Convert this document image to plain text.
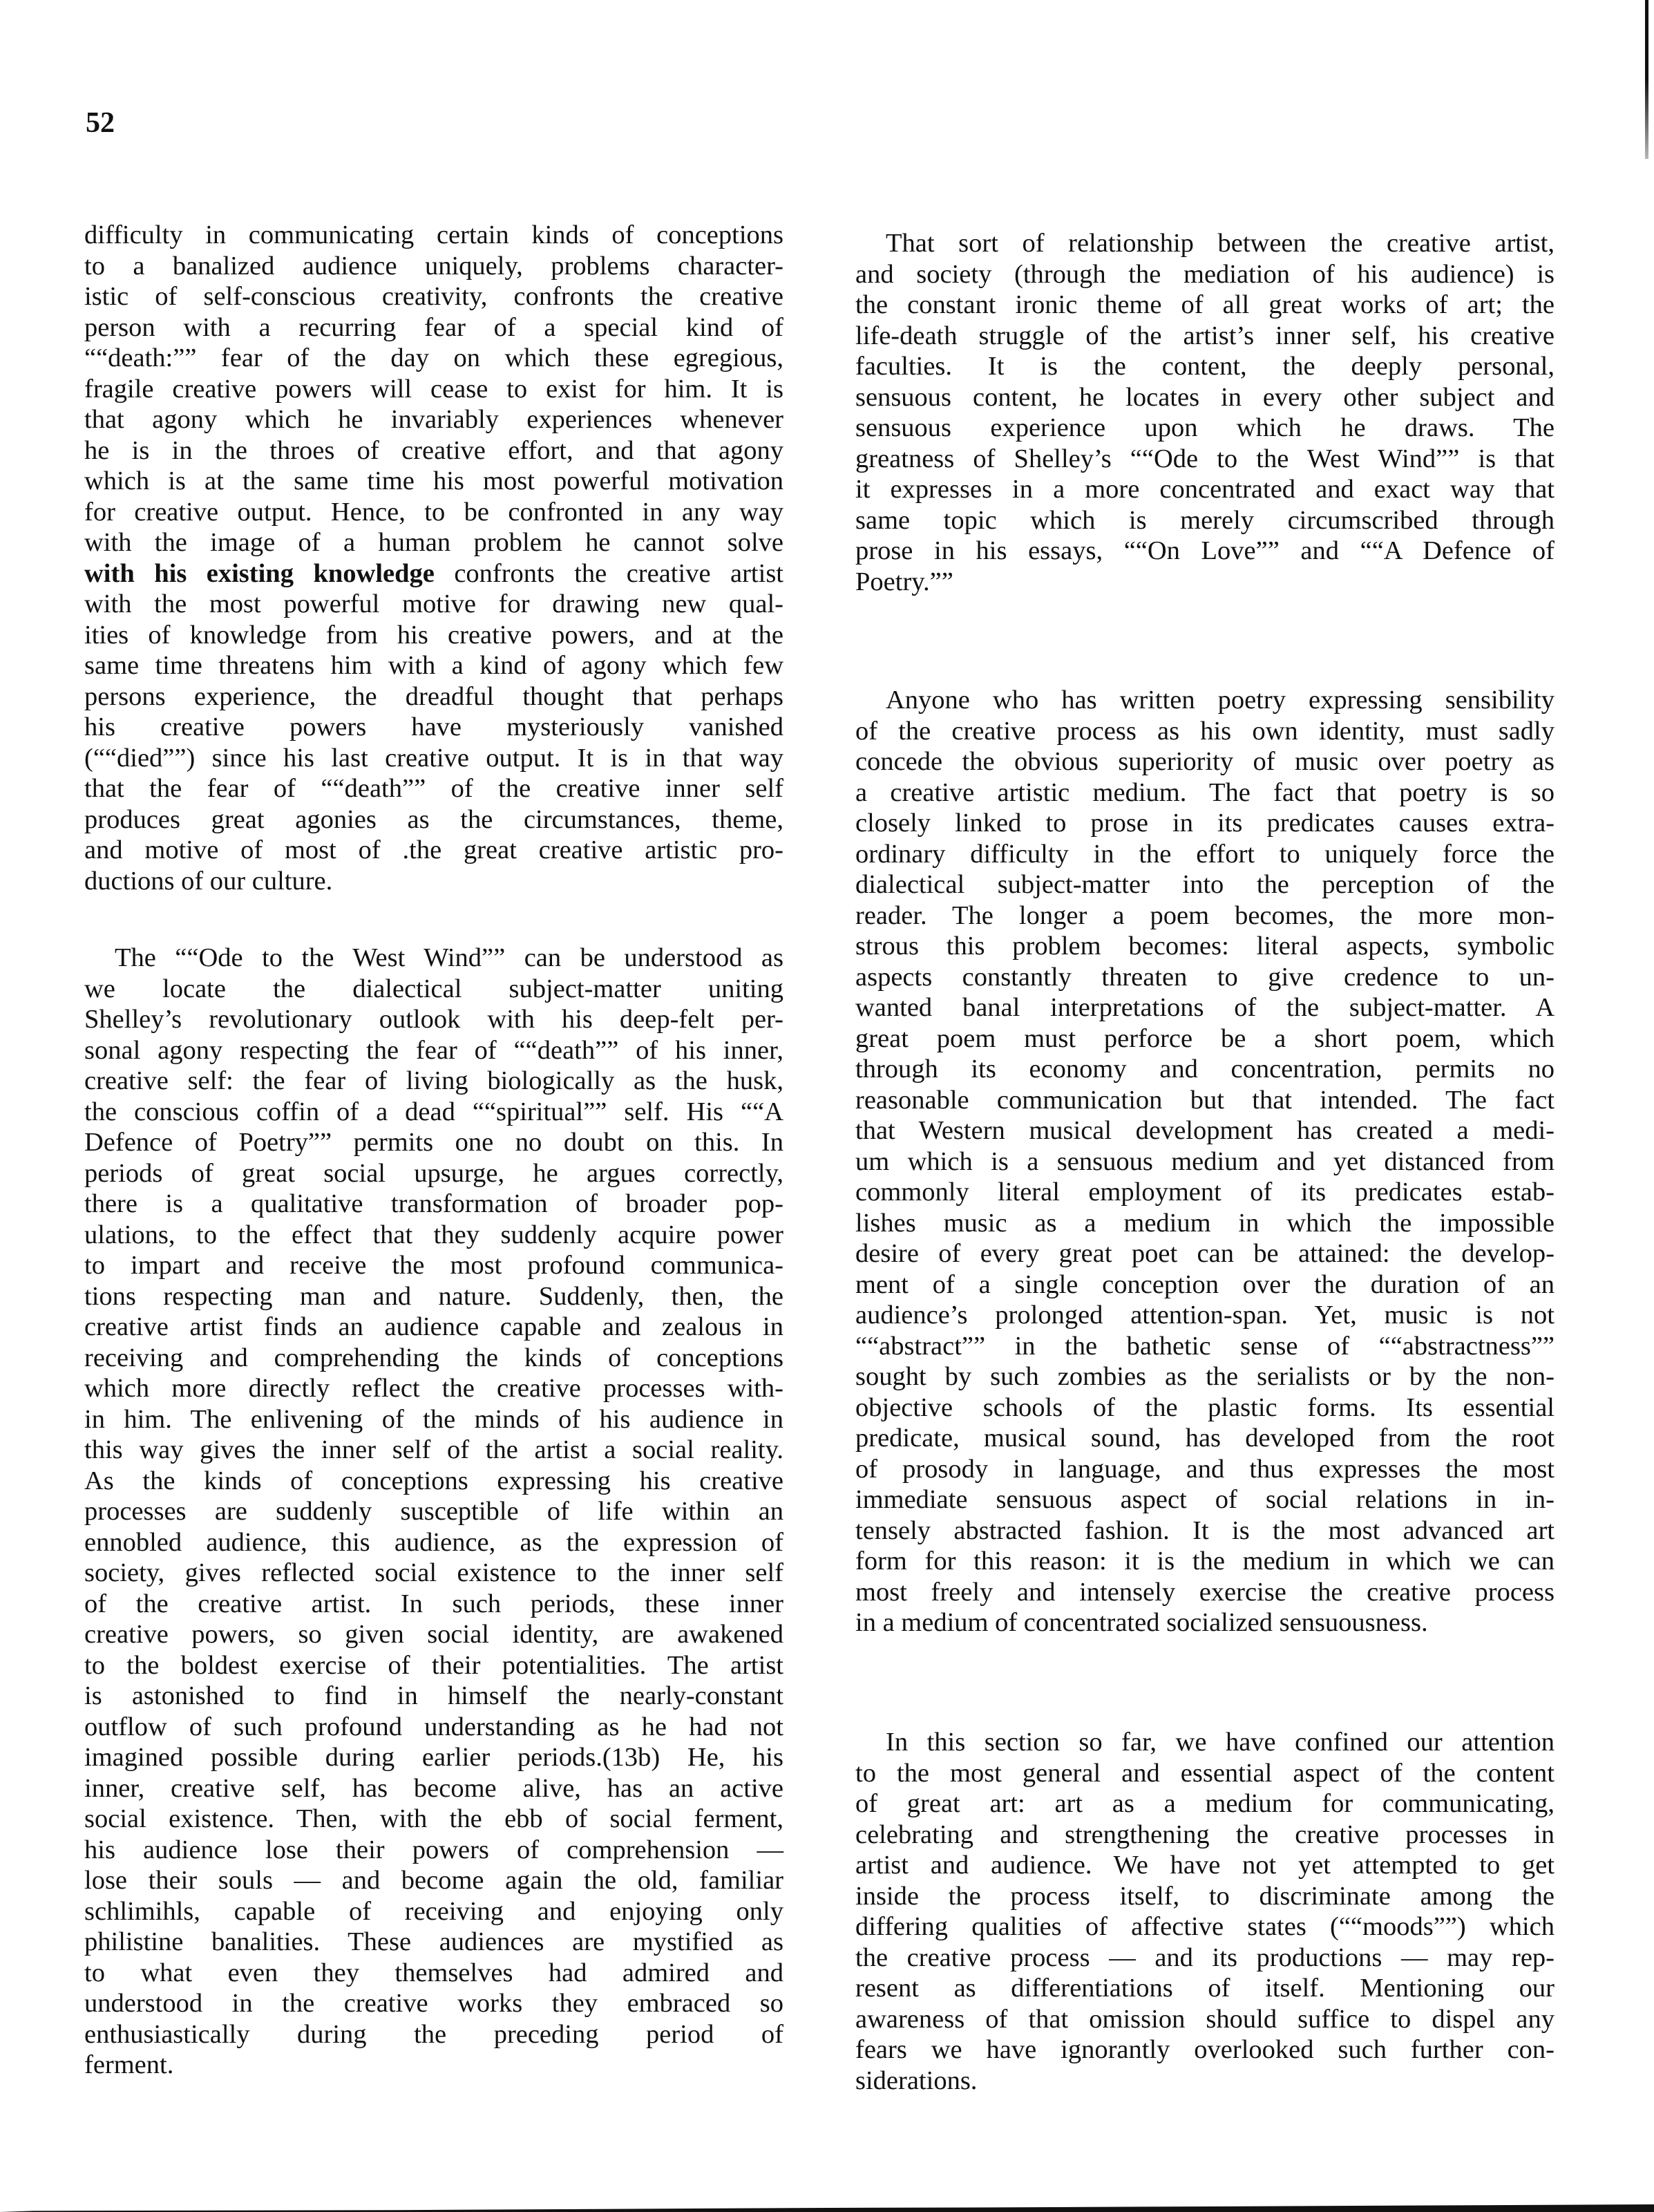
52
difficulty in communicating certain kinds of conceptions
to a banalized audience uniquely, problems character-
istic of self-conscious creativity, confronts the creative
person with a recurring fear of a special kind of
““death:”” fear of the day on which these egregious,
fragile creative powers will cease to exist for him. It is
that agony which he invariably experiences whenever
he is in the throes of creative effort, and that agony
which is at the same time his most powerful motivation
for creative output. Hence, to be confronted in any way
with the image of a human problem he cannot solve
with his existing knowledge confronts the creative artist
with the most powerful motive for drawing new qual-
ities of knowledge from his creative powers, and at the
same time threatens him with a kind of agony which few
persons experience, the dreadful thought that perhaps
his creative powers have mysteriously vanished
(““died””) since his last creative output. It is in that way
that the fear of ““death”” of the creative inner self
produces great agonies as the circumstances, theme,
and motive of most of .the great creative artistic pro-
ductions of our culture.
The ““Ode to the West Wind”” can be understood as
we locate the dialectical subject-matter uniting
Shelley’s revolutionary outlook with his deep-felt per-
sonal agony respecting the fear of ““death”” of his inner,
creative self: the fear of living biologically as the husk,
the conscious coffin of a dead ““spiritual”” self. His ““A
Defence of Poetry”” permits one no doubt on this. In
periods of great social upsurge, he argues correctly,
there is a qualitative transformation of broader pop-
ulations, to the effect that they suddenly acquire power
to impart and receive the most profound communica-
tions respecting man and nature. Suddenly, then, the
creative artist finds an audience capable and zealous in
receiving and comprehending the kinds of conceptions
which more directly reflect the creative processes with-
in him. The enlivening of the minds of his audience in
this way gives the inner self of the artist a social reality.
As the kinds of conceptions expressing his creative
processes are suddenly susceptible of life within an
ennobled audience, this audience, as the expression of
society, gives reflected social existence to the inner self
of the creative artist. In such periods, these inner
creative powers, so given social identity, are awakened
to the boldest exercise of their potentialities. The artist
is astonished to find in himself the nearly-constant
outflow of such profound understanding as he had not
imagined possible during earlier periods.(13b) He, his
inner, creative self, has become alive, has an active
social existence. Then, with the ebb of social ferment,
his audience lose their powers of comprehension —
lose their souls — and become again the old, familiar
schlimihls, capable of receiving and enjoying only
philistine banalities. These audiences are mystified as
to what even they themselves had admired and
understood in the creative works they embraced so
enthusiastically during the preceding period of
ferment.
That sort of relationship between the creative artist,
and society (through the mediation of his audience) is
the constant ironic theme of all great works of art; the
life-death struggle of the artist’s inner self, his creative
faculties. It is the content, the deeply personal,
sensuous content, he locates in every other subject and
sensuous experience upon which he draws. The
greatness of Shelley’s ““Ode to the West Wind”” is that
it expresses in a more concentrated and exact way that
same topic which is merely circumscribed through
prose in his essays, ““On Love”” and ““A Defence of
Poetry.””
Anyone who has written poetry expressing sensibility
of the creative process as his own identity, must sadly
concede the obvious superiority of music over poetry as
a creative artistic medium. The fact that poetry is so
closely linked to prose in its predicates causes extra-
ordinary difficulty in the effort to uniquely force the
dialectical subject-matter into the perception of the
reader. The longer a poem becomes, the more mon-
strous this problem becomes: literal aspects, symbolic
aspects constantly threaten to give credence to un-
wanted banal interpretations of the subject-matter. A
great poem must perforce be a short poem, which
through its economy and concentration, permits no
reasonable communication but that intended. The fact
that Western musical development has created a medi-
um which is a sensuous medium and yet distanced from
commonly literal employment of its predicates estab-
lishes music as a medium in which the impossible
desire of every great poet can be attained: the develop-
ment of a single conception over the duration of an
audience’s prolonged attention-span. Yet, music is not
““abstract”” in the bathetic sense of ““abstractness””
sought by such zombies as the serialists or by the non-
objective schools of the plastic forms. Its essential
predicate, musical sound, has developed from the root
of prosody in language, and thus expresses the most
immediate sensuous aspect of social relations in in-
tensely abstracted fashion. It is the most advanced art
form for this reason: it is the medium in which we can
most freely and intensely exercise the creative process
in a medium of concentrated socialized sensuousness.
In this section so far, we have confined our attention
to the most general and essential aspect of the content
of great art: art as a medium for communicating,
celebrating and strengthening the creative processes in
artist and audience. We have not yet attempted to get
inside the process itself, to discriminate among the
differing qualities of affective states (““moods””) which
the creative process — and its productions — may rep-
resent as differentiations of itself. Mentioning our
awareness of that omission should suffice to dispel any
fears we have ignorantly overlooked such further con-
siderations.
